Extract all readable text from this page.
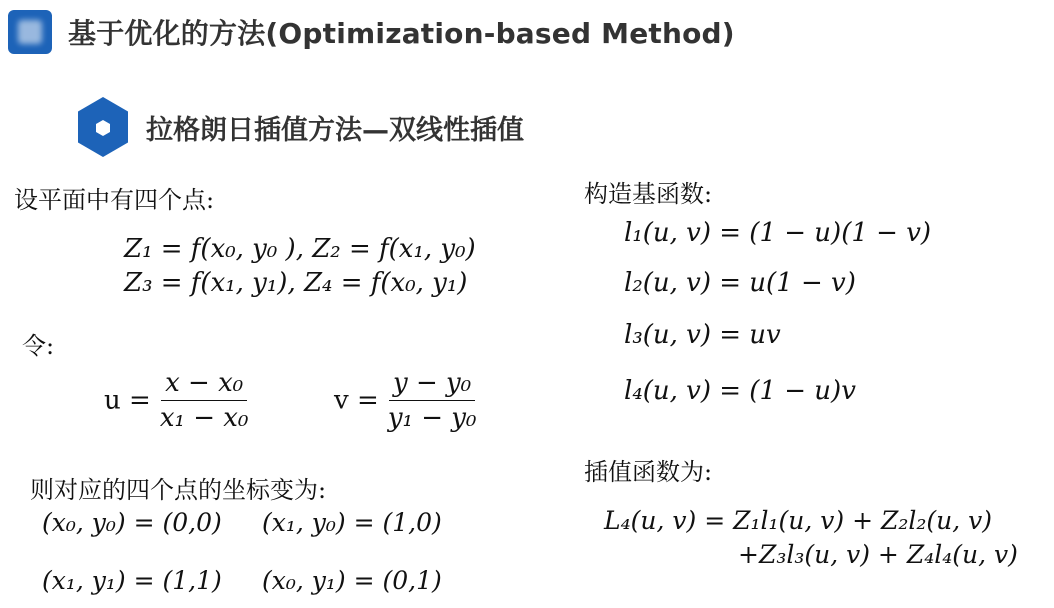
基于优化的方法(Optimization-based Method)
拉格朗日插值方法—双线性插值
设平面中有四个点:
Z₁ = f(x₀, y₀ ), Z₂ = f(x₁, y₀)
Z₃ = f(x₁, y₁), Z₄ = f(x₀, y₁)
令:
$u = \frac{\text{x − x₀}}{\text{x₁ − x₀}}$	$v = \frac{\text{y − y₀}}{\text{y₁ − y₀}}$
则对应的四个点的坐标变为:
(x₀, y₀) = (0,0) (x₁, y₀) = (1,0)
(x₁, y₁) = (1,1) (x₀, y₁) = (0,1)
构造基函数:
l₁(u, v) = (1 − u)(1 − v)
l₂(u, v) = u(1 − v)
l₃(u, v) = uv
l₄(u, v) = (1 − u)v
插值函数为:
L₄(u, v) = Z₁l₁(u, v) + Z₂l₂(u, v)
+Z₃l₃(u, v) + Z₄l₄(u, v)
